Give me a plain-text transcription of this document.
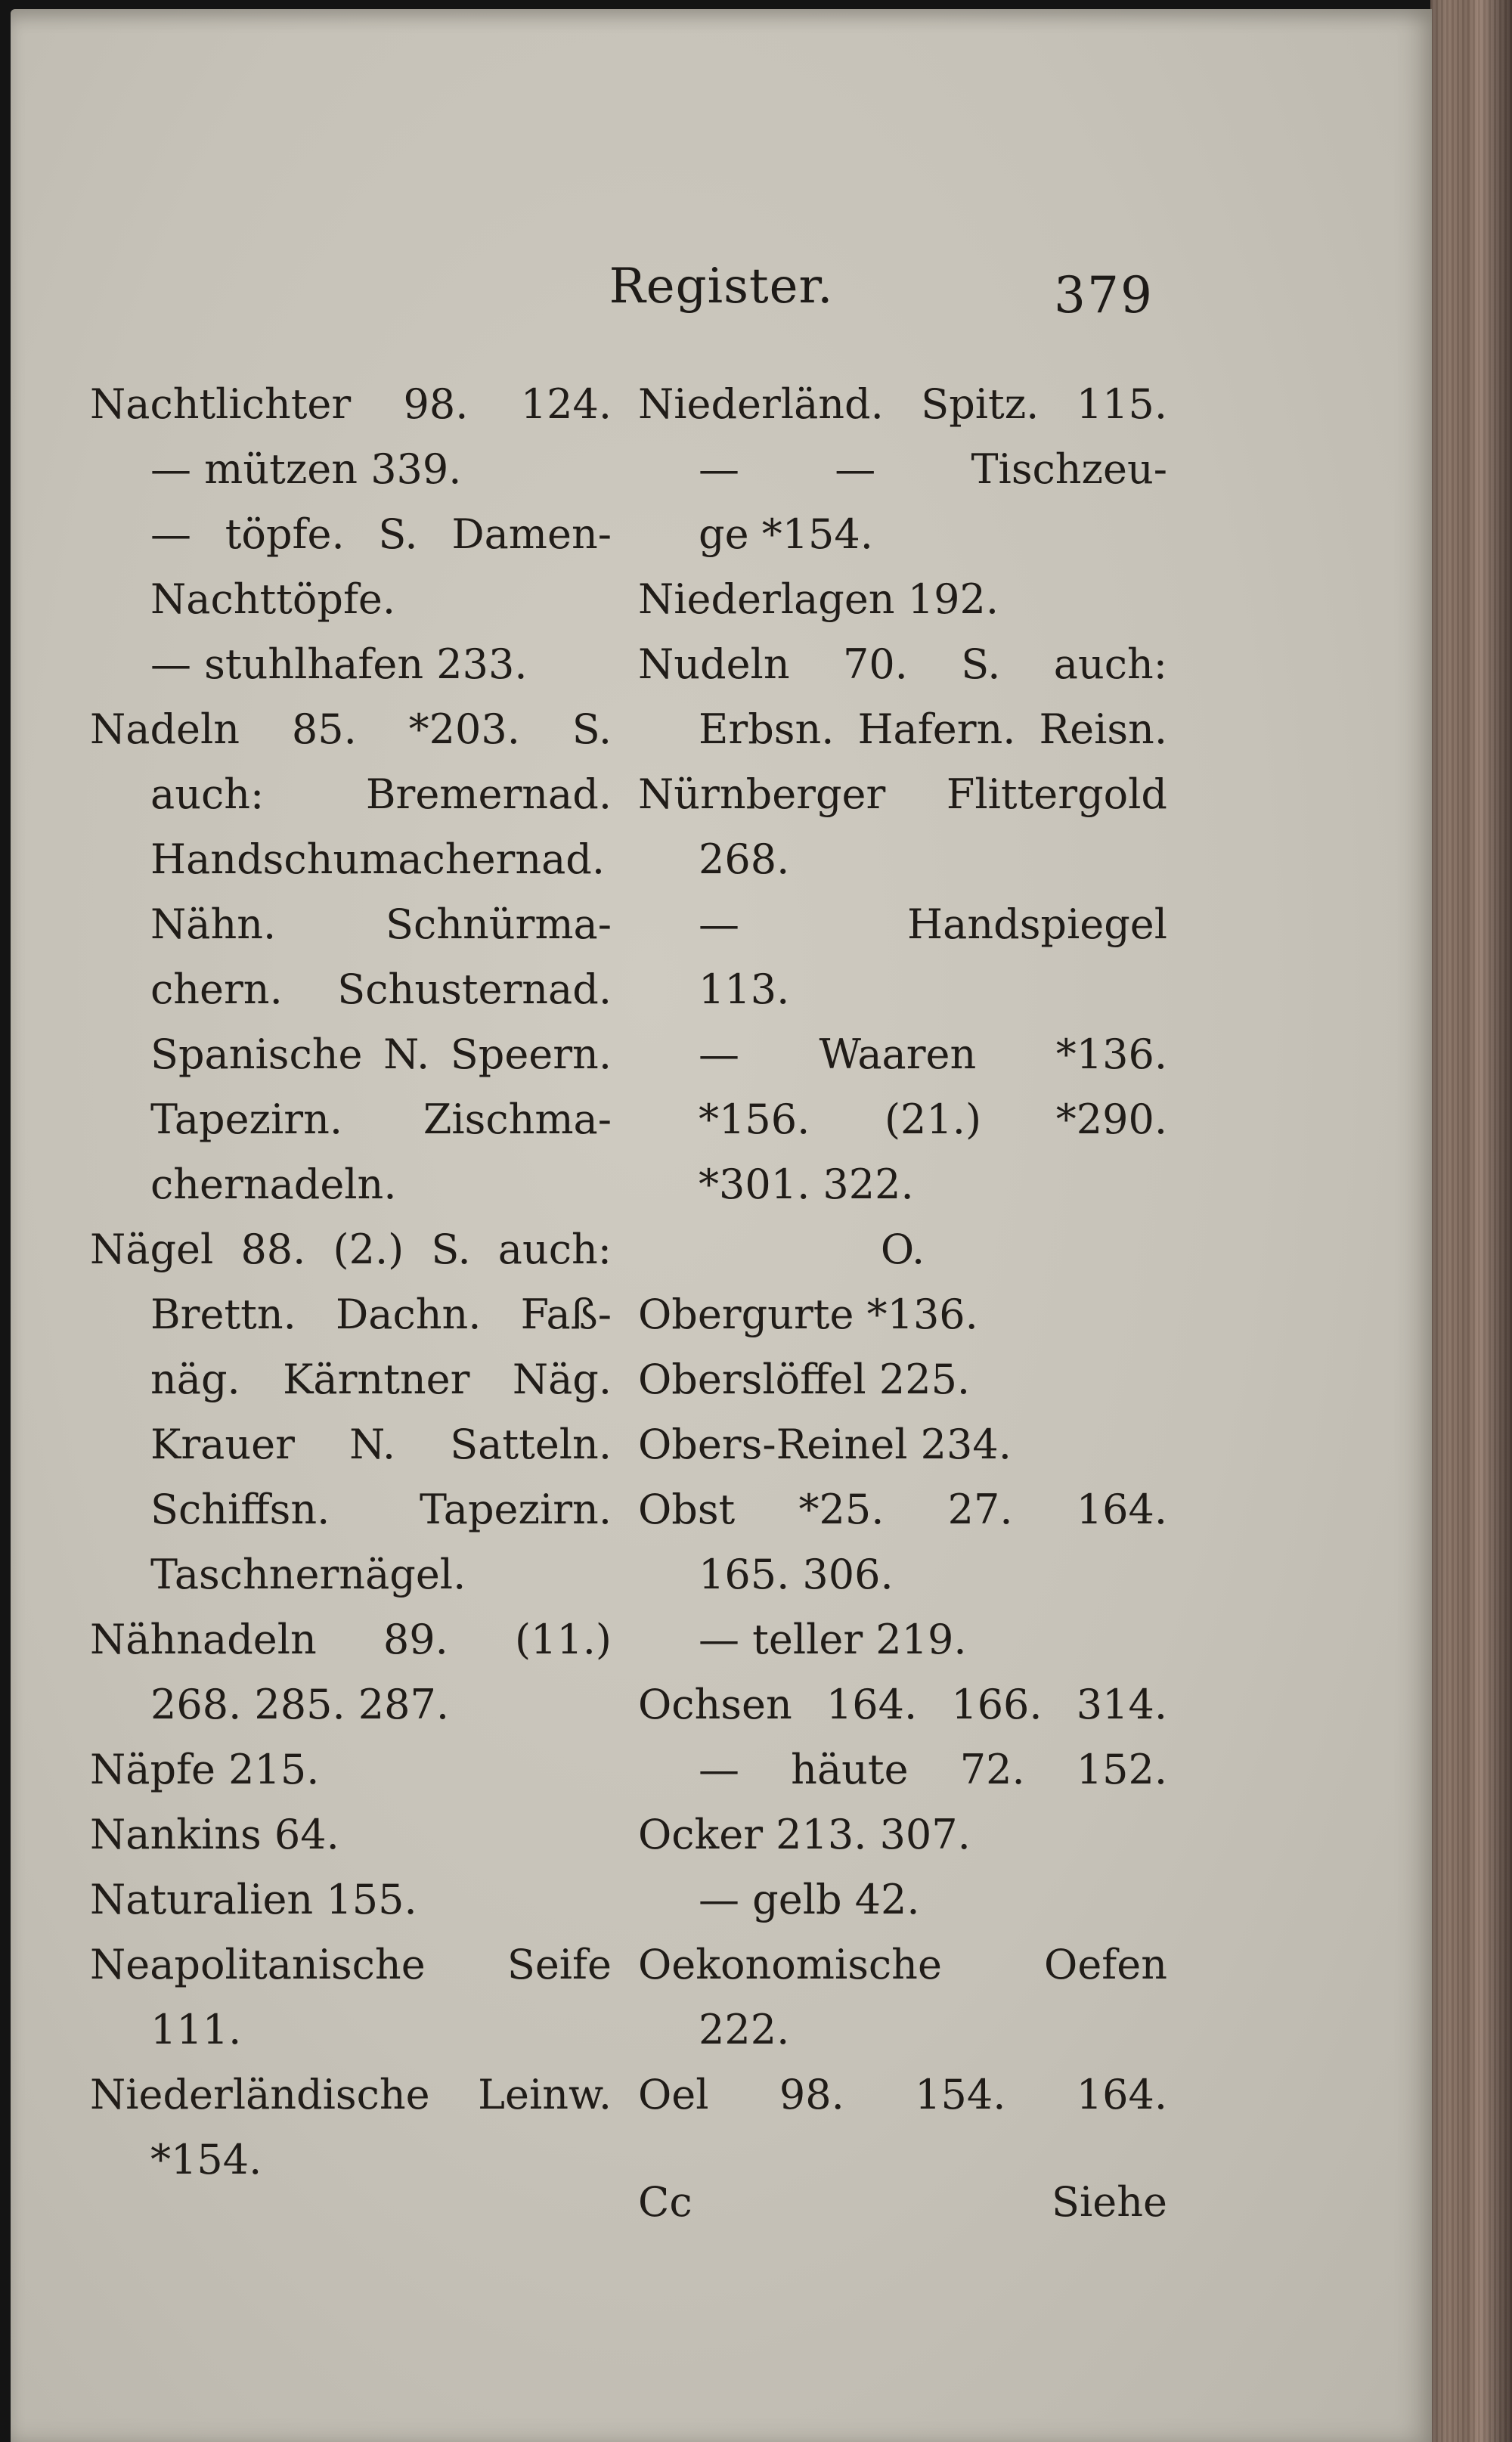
Register.	379
Nachtlichter 98. 124.
— mützen 339.
— töpfe. S. Damen-
Nachttöpfe.
— stuhlhafen 233.
Nadeln 85. *203. S.
auch: Bremernad.
Handschumachernad.
Nähn. Schnürma-
chern. Schusternad.
Spanische N. Speern.
Tapezirn. Zischma-
chernadeln.
Nägel 88. (2.) S. auch:
Brettn. Dachn. Faß-
näg. Kärntner Näg.
Krauer N. Satteln.
Schiffsn. Tapezirn.
Taschnernägel.
Nähnadeln 89. (11.)
268. 285. 287.
Näpfe 215.
Nankins 64.
Naturalien 155.
Neapolitanische Seife
111.
Niederländische Leinw.
*154.
Niederländ. Spitz. 115.
— — Tischzeu-
ge *154.
Niederlagen 192.
Nudeln 70. S. auch:
Erbsn. Hafern. Reisn.
Nürnberger Flittergold
268.
— Handspiegel
113.
— Waaren *136.
*156. (21.) *290.
*301. 322.
O.
Obergurte *136.
Oberslöffel 225.
Obers-Reinel 234.
Obst *25. 27. 164.
165. 306.
— teller 219.
Ochsen 164. 166. 314.
— häute 72. 152.
Ocker 213. 307.
— gelb 42.
Oekonomische Oefen
222.
Oel 98. 154. 164.
Cc	Siehe
